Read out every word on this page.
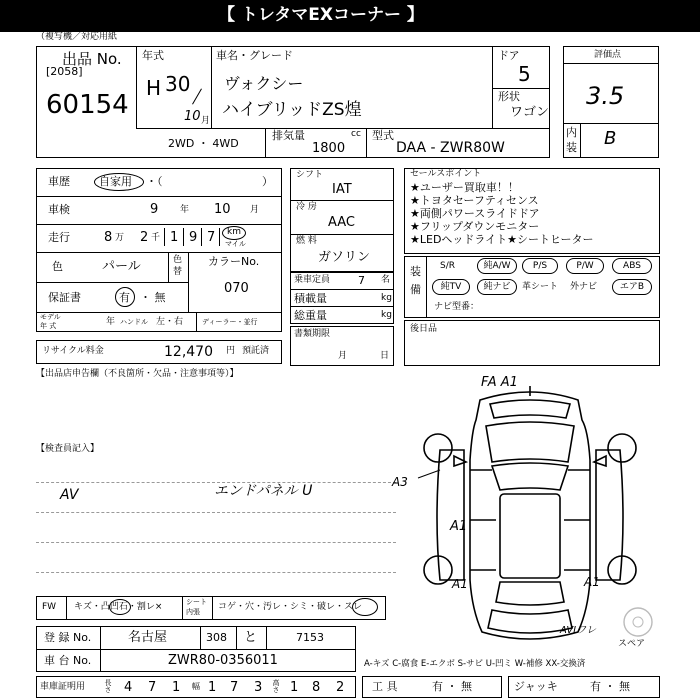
【 トレタマEXコーナー 】
（複写機／対応用紙
出品 No.
[2058]
60154
年式
H 30
10 月
車名・グレード
ヴォクシー
ハイブリッドZS煌
ドア
5
形状
ワゴン
2WD ・ 4WD
排気量	cc
1800
型式
DAA - ZWR80W
評価点
3.5
内
装 B
車歴	自家用 ・（	）
車検	9 年 10 月
走行	8 万 2 千 1 9 7 km
マイル
色	パール	色
替
カラーNo.
070
保証書	有 ・ 無
モデル
年 式	年 ハンドル 左・右	ディーラー・並行
シフト
IAT
冷 房
AAC
燃 料
ガソリン
乗車定員	7 名
積載量	kg
総重量	kg
書類期限
月	日
セールスポイント
★ユーザー買取車！！
★トヨタセーフティセンス
★両側パワースライドドア
★フリップダウンモニター
★LEDヘッドライト★シートヒーター
装
備
S/R	純A/W	P/S	P/W	ABS
純TV	純ナビ	革シート 外ナビ	エアB
ナビ型番：
後日品
リサイクル料金	12,470 円 預託済
【出品店申告欄（不良箇所・欠品・注意事項等）】
【検査員記入】
AV	エンドパネル U
FW キズ・凸凹石・割レ×	シート
内張 コゲ・穴・汚レ・シミ・破レ・スレ
登 録 No.	名古屋	308 と	7153
車 台 No.	ZWR80-0356011	A-キズ C-腐食 E-エクボ S-サビ U-凹ミ W-補修 XX-交換済
車庫証明用	長さ 4 7 1 幅 1 7 3 高さ 1 8 2	工 具	有 ・ 無	ジャッキ	有 ・ 無
FA A1
A3
A1
A1	A1
AVIワレ
スペア
